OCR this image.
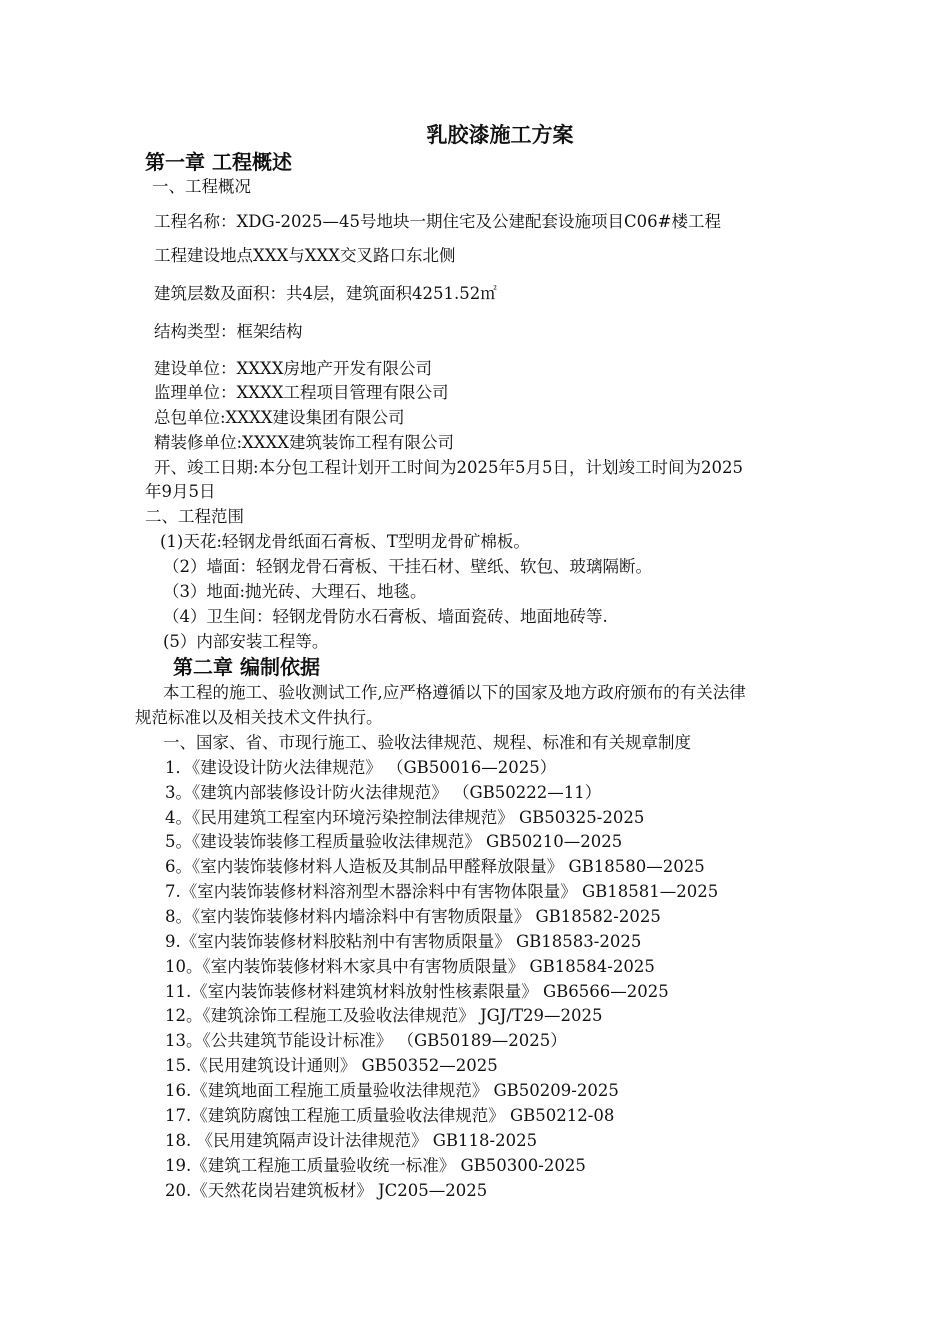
乳胶漆施工方案
第一章 工程概述
一、工程概况
工程名称：XDG-2025—45号地块一期住宅及公建配套设施项目C06#楼工程
工程建设地点XXX与XXX交叉路口东北侧
建筑层数及面积：共4层，建筑面积4251.52㎡
结构类型：框架结构
建设单位：XXXX房地产开发有限公司
监理单位：XXXX工程项目管理有限公司
总包单位:XXXX建设集团有限公司
精装修单位:XXXX建筑装饰工程有限公司
开、竣工日期:本分包工程计划开工时间为2025年5月5日，计划竣工时间为2025
年9月5日
二、工程范围
(1)天花:轻钢龙骨纸面石膏板、T型明龙骨矿棉板。
（2）墙面：轻钢龙骨石膏板、干挂石材、壁纸、软包、玻璃隔断。
（3）地面:抛光砖、大理石、地毯。
（4）卫生间：轻钢龙骨防水石膏板、墙面瓷砖、地面地砖等.
(5）内部安装工程等。
第二章 编制依据
本工程的施工、验收测试工作,应严格遵循以下的国家及地方政府颁布的有关法律
规范标准以及相关技术文件执行。
一、国家、省、市现行施工、验收法律规范、规程、标准和有关规章制度
1．《建设设计防火法律规范》 （GB50016—2025）
3。《建筑内部装修设计防火法律规范》 （GB50222—11）
4。《民用建筑工程室内环境污染控制法律规范》 GB50325-2025
5。《建设装饰装修工程质量验收法律规范》 GB50210—2025
6。《室内装饰装修材料人造板及其制品甲醛释放限量》 GB18580—2025
7.《室内装饰装修材料溶剂型木器涂料中有害物体限量》 GB18581—2025
8。《室内装饰装修材料内墙涂料中有害物质限量》 GB18582-2025
9.《室内装饰装修材料胶粘剂中有害物质限量》 GB18583-2025
10。《室内装饰装修材料木家具中有害物质限量》 GB18584-2025
11.《室内装饰装修材料建筑材料放射性核素限量》 GB6566—2025
12。《建筑涂饰工程施工及验收法律规范》 JGJ/T29—2025
13。《公共建筑节能设计标准》 （GB50189—2025）
15.《民用建筑设计通则》 GB50352—2025
16.《建筑地面工程施工质量验收法律规范》 GB50209-2025
17.《建筑防腐蚀工程施工质量验收法律规范》 GB50212-08
18. 《民用建筑隔声设计法律规范》 GB118-2025
19.《建筑工程施工质量验收统一标准》 GB50300-2025
20.《天然花岗岩建筑板材》 JC205—2025
